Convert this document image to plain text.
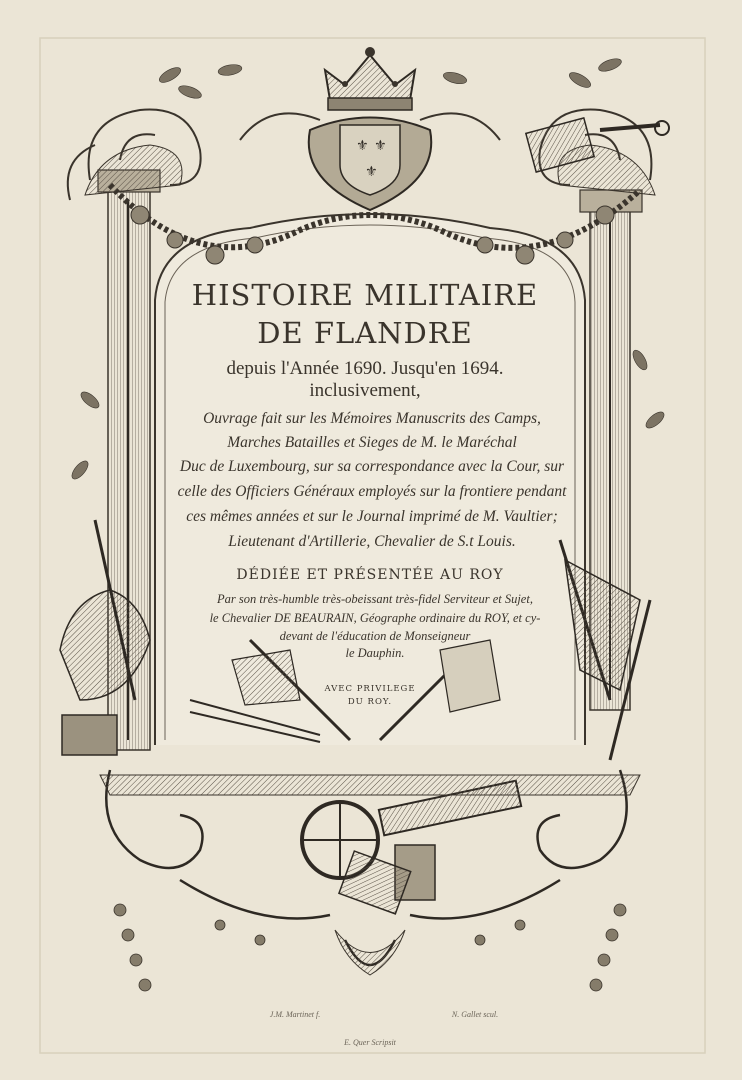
⚜ ⚜
⚜
HISTOIRE MILITAIRE
DE FLANDRE
depuis l'Année 1690. Jusqu'en 1694.
inclusivement,
Ouvrage fait sur les Mémoires Manuscrits des Camps,
Marches Batailles et Sieges de M. le Maréchal
Duc de Luxembourg, sur sa correspondance avec la Cour, sur
celle des Officiers Généraux employés sur la frontiere pendant
ces mêmes années et sur le Journal imprimé de M. Vaultier;
Lieutenant d'Artillerie, Chevalier de S.t Louis.
DÉDIÉE ET PRÉSENTÉE AU ROY
Par son très-humble très-obeissant très-fidel Serviteur et Sujet,
le Chevalier DE BEAURAIN, Géographe ordinaire du ROY, et cy-
devant de l'éducation de Monseigneur
le Dauphin.
AVEC PRIVILEGE
DU ROY.
J.M. Martinet f.	N. Gallet scul.
E. Quer Scripsit
